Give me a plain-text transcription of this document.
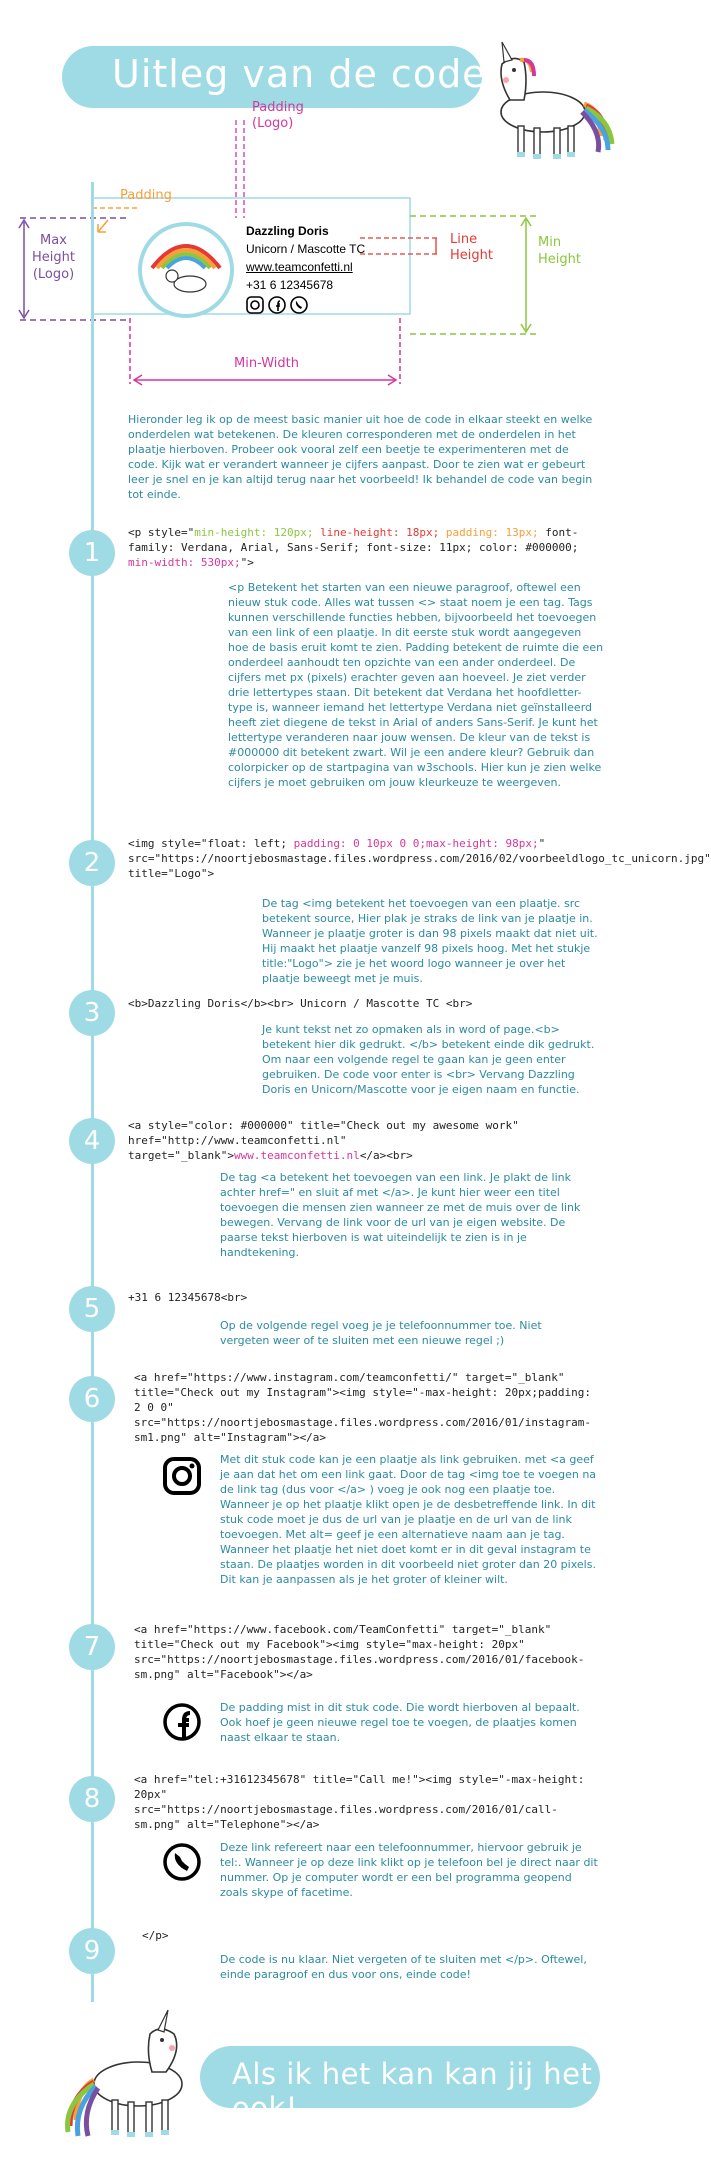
Uitleg van de code
Padding
(Logo)
Padding
Max
Height
(Logo)
Line
Height
Min
Height
Min-Width
Dazzling Doris
Unicorn / Mascotte TC
www.teamconfetti.nl
+31 6 12345678
Hieronder leg ik op de meest basic manier uit hoe de code in elkaar steekt en welke onderdelen wat betekenen. De kleuren corresponderen met de onderdelen in het plaatje hierboven. Probeer ook vooral zelf een beetje te experimenteren met de code. Kijk wat er verandert wanneer je cijfers aanpast. Door te zien wat er gebeurt leer je snel en je kan altijd terug naar het voorbeeld! Ik behandel de code van begin tot einde.
1
<p style="min-height: 120px; line-height: 18px; padding: 13px; font-family: Verdana, Arial, Sans-Serif; font-size: 11px; color: #000000; min-width: 530px;">
<p Betekent het starten van een nieuwe paragroof, oftewel een nieuw stuk code. Alles wat tussen <> staat noem je een tag. Tags kunnen verschillende functies hebben, bijvoorbeeld het toevoegen van een link of een plaatje. In dit eerste stuk wordt aangegeven hoe de basis eruit komt te zien. Padding betekent de ruimte die een onderdeel aanhoudt ten opzichte van een ander onderdeel. De cijfers met px (pixels) erachter geven aan hoeveel. Je ziet verder drie lettertypes staan. Dit betekent dat Verdana het hoofdletter-type is, wanneer iemand het lettertype Verdana niet geïnstalleerd heeft ziet diegene de tekst in Arial of anders Sans-Serif. Je kunt het lettertype veranderen naar jouw wensen. De kleur van de tekst is #000000 dit betekent zwart. Wil je een andere kleur? Gebruik dan colorpicker op de startpagina van w3schools. Hier kun je zien welke cijfers je moet gebruiken om jouw kleurkeuze te weergeven.
2
<img style="float: left; padding: 0 10px 0 0;max-height: 98px;" src="https://noortjebosmastage.files.wordpress.com/2016/02/voorbeeldlogo_tc_unicorn.jpg" title="Logo">
De tag <img betekent het toevoegen van een plaatje. src betekent source, Hier plak je straks de link van je plaatje in. Wanneer je plaatje groter is dan 98 pixels maakt dat niet uit. Hij maakt het plaatje vanzelf 98 pixels hoog. Met het stukje title:"Logo"> zie je het woord logo wanneer je over het plaatje beweegt met je muis.
3	<b>Dazzling Doris</b><br> Unicorn / Mascotte TC <br>
Je kunt tekst net zo opmaken als in word of page.<b> betekent hier dik gedrukt. </b> betekent einde dik gedrukt. Om naar een volgende regel te gaan kan je geen enter gebruiken. De code voor enter is <br> Vervang Dazzling Doris en Unicorn/Mascotte voor je eigen naam en functie.
4
<a style="color: #000000" title="Check out my awesome work" href="http://www.teamconfetti.nl" target="_blank">www.teamconfetti.nl</a><br>
De tag <a betekent het toevoegen van een link. Je plakt de link achter href=" en sluit af met </a>. Je kunt hier weer een titel toevoegen die mensen zien wanneer ze met de muis over de link bewegen. Vervang de link voor de url van je eigen website. De paarse tekst hierboven is wat uiteindelijk te zien is in je handtekening.
5	+31 6 12345678<br>
Op de volgende regel voeg je je telefoonnummer toe. Niet vergeten weer of te sluiten met een nieuwe regel ;)
6
<a href="https://www.instagram.com/teamconfetti/" target="_blank" title="Check out my Instagram"><img style="-max-height: 20px;padding: 2 0 0" src="https://noortjebosmastage.files.wordpress.com/2016/01/instagram-sm1.png" alt="Instagram"></a>
Met dit stuk code kan je een plaatje als link gebruiken. met <a geef je aan dat het om een link gaat. Door de tag <img toe te voegen na de link tag (dus voor </a> ) voeg je ook nog een plaatje toe. Wanneer je op het plaatje klikt open je de desbetreffende link. In dit stuk code moet je dus de url van je plaatje en de url van de link toevoegen. Met alt= geef je een alternatieve naam aan je tag. Wanneer het plaatje het niet doet komt er in dit geval instagram te staan. De plaatjes worden in dit voorbeeld niet groter dan 20 pixels. Dit kan je aanpassen als je het groter of kleiner wilt.
7
<a href="https://www.facebook.com/TeamConfetti" target="_blank" title="Check out my Facebook"><img style="max-height: 20px" src="https://noortjebosmastage.files.wordpress.com/2016/01/facebook-sm.png" alt="Facebook"></a>
De padding mist in dit stuk code. Die wordt hierboven al bepaalt. Ook hoef je geen nieuwe regel toe te voegen, de plaatjes komen naast elkaar te staan.
8
<a href="tel:+31612345678" title="Call me!"><img style="-max-height: 20px" src="https://noortjebosmastage.files.wordpress.com/2016/01/call-sm.png" alt="Telephone"></a>
Deze link refereert naar een telefoonnummer, hiervoor gebruik je tel:. Wanneer je op deze link klikt op je telefoon bel je direct naar dit nummer. Op je computer wordt er een bel programma geopend zoals skype of facetime.
9
</p>
De code is nu klaar. Niet vergeten of te sluiten met </p>. Oftewel, einde paragroof en dus voor ons, einde code!
Als ik het kan kan jij het ook!
